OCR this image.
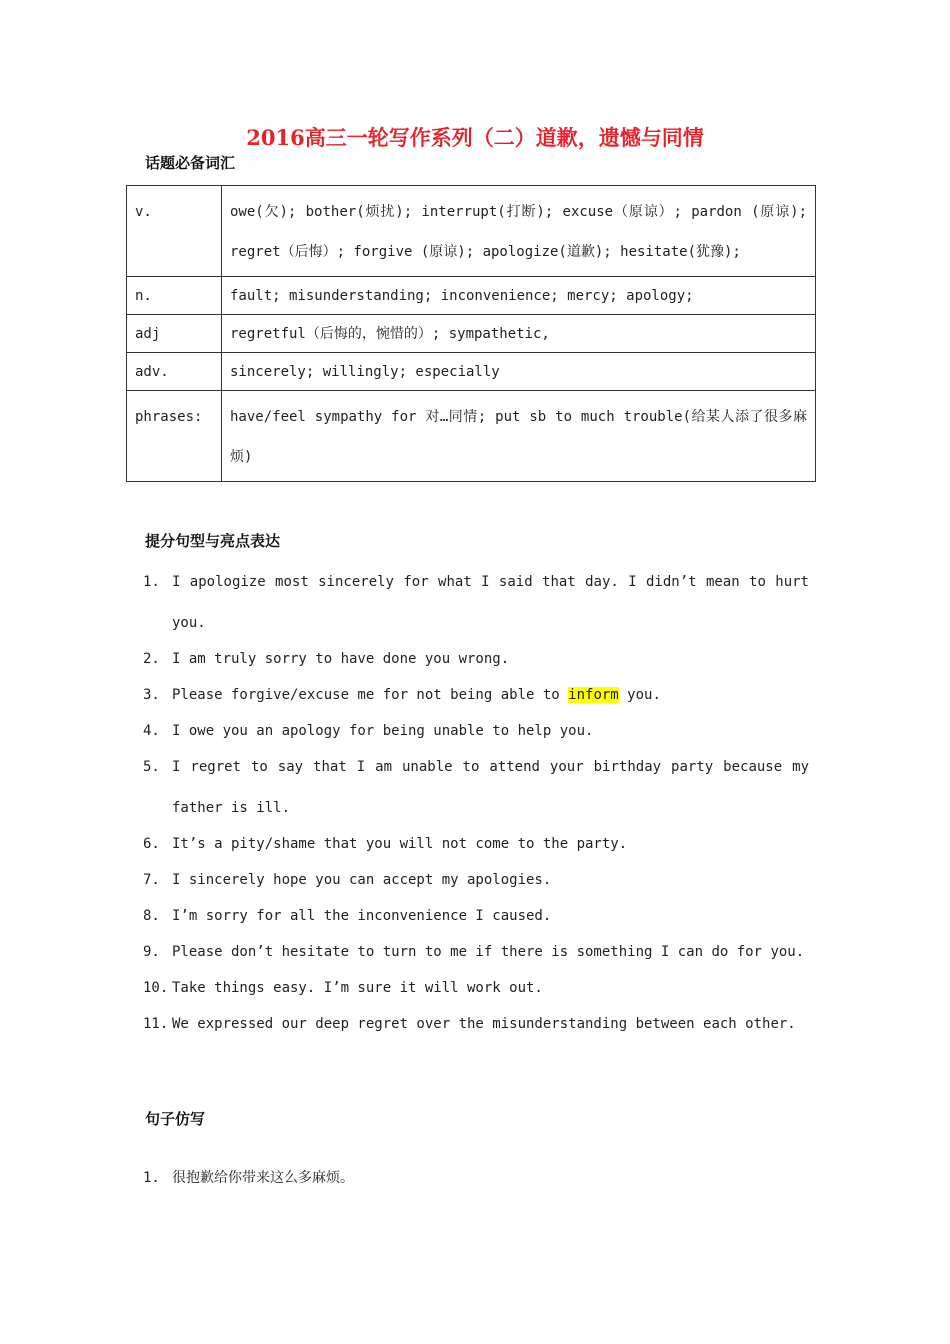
2016高三一轮写作系列（二）道歉，遗憾与同情
话题必备词汇
v.	owe(欠); bother(烦扰); interrupt(打断); excuse（原谅）; pardon (原谅); regret（后悔）; forgive (原谅); apologize(道歉); hesitate(犹豫);
n.	fault; misunderstanding; inconvenience; mercy; apology;
adj	regretful（后悔的，惋惜的）; sympathetic,
adv.	sincerely; willingly; especially
phrases:	have/feel sympathy for 对…同情; put sb to much trouble(给某人添了很多麻烦)
提分句型与亮点表达
1. I apologize most sincerely for what I said that day. I didn’t mean to hurt you.
2. I am truly sorry to have done you wrong.
3. Please forgive/excuse me for not being able to inform you.
4. I owe you an apology for being unable to help you.
5. I regret to say that I am unable to attend your birthday party because my father is ill.
6. It’s a pity/shame that you will not come to the party.
7. I sincerely hope you can accept my apologies.
8. I’m sorry for all the inconvenience I caused.
9. Please don’t hesitate to turn to me if there is something I can do for you.
10. Take things easy. I’m sure it will work out.
11. We expressed our deep regret over the misunderstanding between each other.
句子仿写
1. 很抱歉给你带来这么多麻烦。
